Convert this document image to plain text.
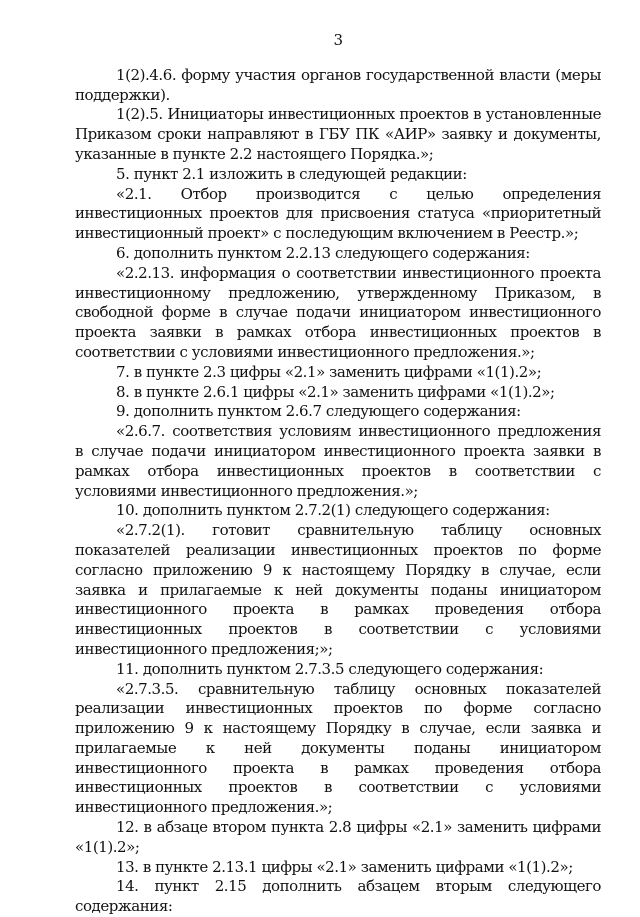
3

1(2).4.6. форму участия органов государственной власти (меры поддержки).

1(2).5. Инициаторы инвестиционных проектов в установленные Приказом сроки направляют в ГБУ ПК «АИР» заявку и документы, указанные в пункте 2.2 настоящего Порядка.»;

5. пункт 2.1 изложить в следующей редакции:

«2.1. Отбор производится с целью определения инвестиционных проектов для присвоения статуса «приоритетный инвестиционный проект» с последующим включением в Реестр.»;

6. дополнить пунктом 2.2.13 следующего содержания:

«2.2.13. информация о соответствии инвестиционного проекта инвестиционному предложению, утвержденному Приказом, в свободной форме в случае подачи инициатором инвестиционного проекта заявки в рамках отбора инвестиционных проектов в соответствии с условиями инвестиционного предложения.»;

7. в пункте 2.3 цифры «2.1» заменить цифрами «1(1).2»;

8. в пункте 2.6.1 цифры «2.1» заменить цифрами «1(1).2»;

9. дополнить пунктом 2.6.7 следующего содержания:

«2.6.7. соответствия условиям инвестиционного предложения в случае подачи инициатором инвестиционного проекта заявки в рамках отбора инвестиционных проектов в соответствии с условиями инвестиционного предложения.»;

10. дополнить пунктом 2.7.2(1) следующего содержания:

«2.7.2(1). готовит сравнительную таблицу основных показателей реализации инвестиционных проектов по форме согласно приложению 9 к настоящему Порядку в случае, если заявка и прилагаемые к ней документы поданы инициатором инвестиционного проекта в рамках проведения отбора инвестиционных проектов в соответствии с условиями инвестиционного предложения;»;

11. дополнить пунктом 2.7.3.5 следующего содержания:

«2.7.3.5. сравнительную таблицу основных показателей реализации инвестиционных проектов по форме согласно приложению 9 к настоящему Порядку в случае, если заявка и прилагаемые к ней документы поданы инициатором инвестиционного проекта в рамках проведения отбора инвестиционных проектов в соответствии с условиями инвестиционного предложения.»;

12. в абзаце втором пункта 2.8 цифры «2.1» заменить цифрами «1(1).2»;

13. в пункте 2.13.1 цифры «2.1» заменить цифрами «1(1).2»;

14. пункт 2.15 дополнить абзацем вторым следующего содержания:
